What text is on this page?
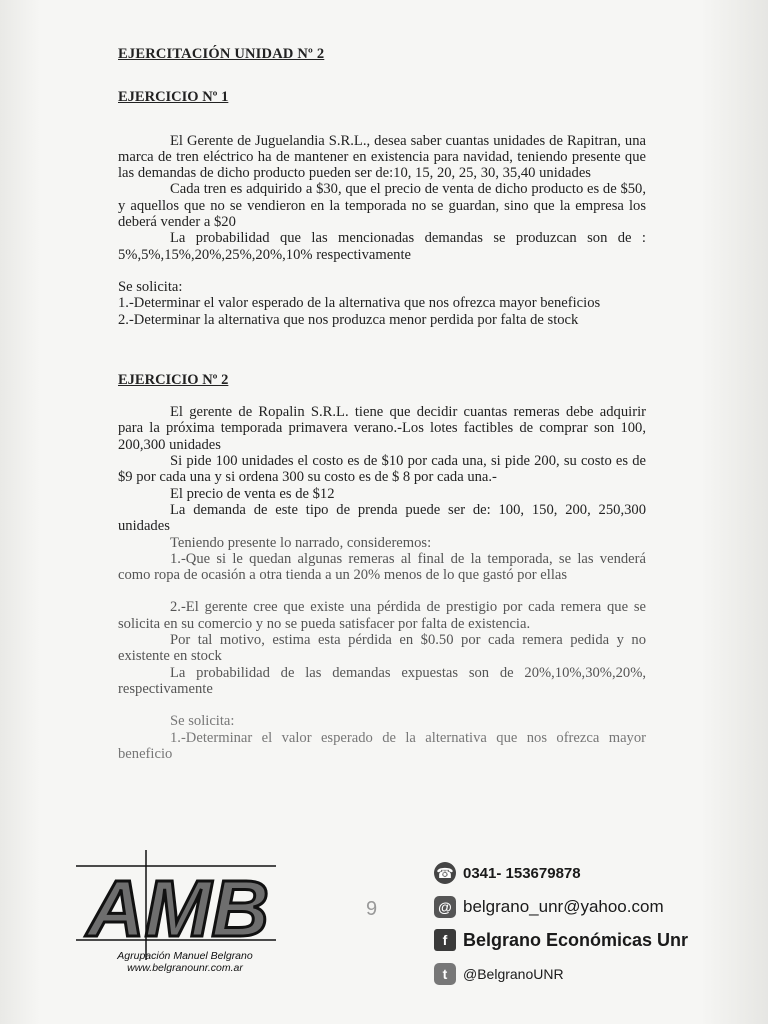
EJERCITACIÓN UNIDAD Nº 2

EJERCICIO Nº 1

El Gerente de Juguelandia S.R.L., desea saber cuantas unidades de Rapitran, una marca de tren eléctrico ha de mantener en existencia para navidad, teniendo presente que las demandas de dicho producto pueden ser de:10, 15, 20, 25, 30, 35,40 unidades

Cada tren es adquirido a $30, que el precio de venta de dicho producto es de $50, y aquellos que no se vendieron en la temporada no se guardan, sino que la empresa los deberá vender a $20

La probabilidad que las mencionadas demandas se produzcan son de : 5%,5%,15%,20%,25%,20%,10% respectivamente

Se solicita:

1.-Determinar el valor esperado de la alternativa que nos ofrezca mayor beneficios

2.-Determinar la alternativa que nos produzca menor perdida por falta de stock

EJERCICIO Nº 2

El gerente de Ropalin S.R.L. tiene que decidir cuantas remeras debe adquirir para la próxima temporada primavera verano.-Los lotes factibles de comprar son 100, 200,300 unidades

Si pide 100 unidades el costo es de $10 por cada una, si pide 200, su costo es de $9 por cada una y si ordena 300 su costo es de $ 8 por cada una.-

El precio de venta es de $12

La demanda de este tipo de prenda puede ser de: 100, 150, 200, 250,300 unidades

Teniendo presente lo narrado, consideremos:

1.-Que si le quedan algunas remeras al final de la temporada, se las venderá como ropa de ocasión a otra tienda a un 20% menos de lo que gastó por ellas

2.-El gerente cree que existe una pérdida de prestigio por cada remera que se solicita en su comercio y no se pueda satisfacer por falta de existencia.

Por tal motivo, estima esta pérdida en $0.50 por cada remera pedida y no existente en stock

La probabilidad de las demandas expuestas son de 20%,10%,30%,20%, respectivamente

Se solicita:

1.-Determinar el valor esperado de la alternativa que nos ofrezca mayor beneficio

AMB
Agrupación Manuel Belgrano
www.belgranounr.com.ar
9
☎ 0341- 153679878
@ belgrano_unr@yahoo.com
f Belgrano Económicas Unr
t	@BelgranoUNR
